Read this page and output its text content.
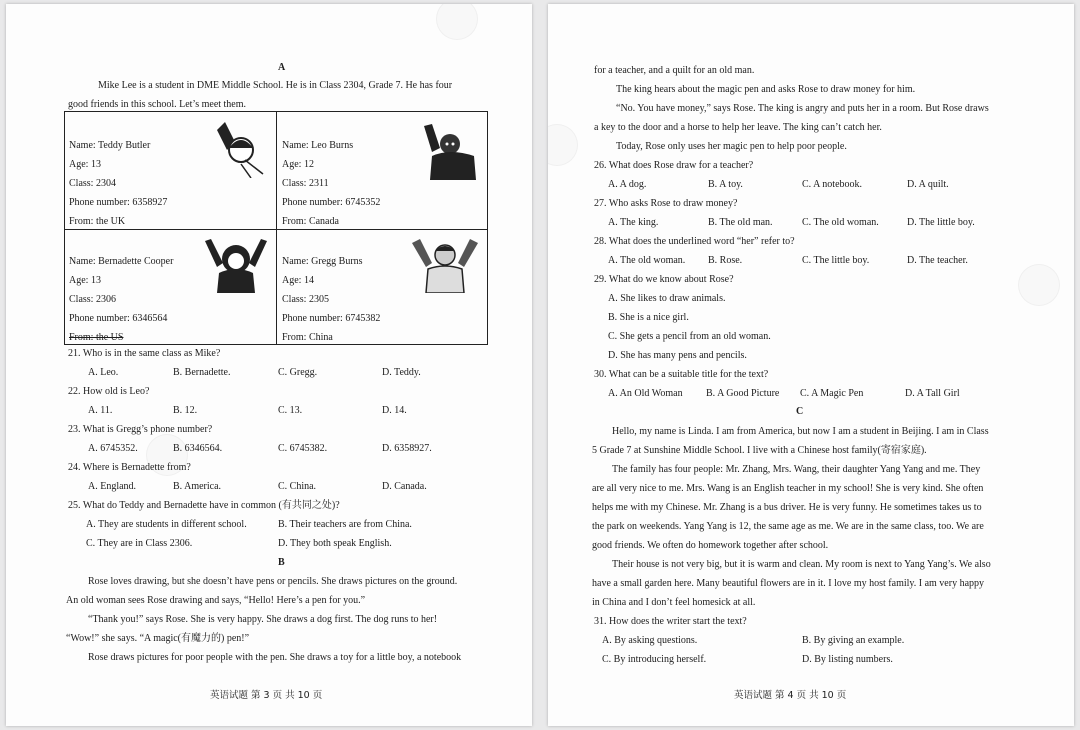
A
Mike Lee is a student in DME Middle School. He is in Class 2304, Grade 7. He has four
good friends in this school. Let’s meet them.
Name: Teddy Butler
Age: 13
Class: 2304
Phone number: 6358927
From: the UK
Name: Leo Burns
Age: 12
Class: 2311
Phone number: 6745352
From: Canada
Name: Bernadette Cooper
Age: 13
Class: 2306
Phone number: 6346564
From: the US
Name: Gregg Burns
Age: 14
Class: 2305
Phone number: 6745382
From: China
21. Who is in the same class as Mike?
A. Leo.	B. Bernadette.	C. Gregg.	D. Teddy.
22. How old is Leo?
A. 11.	B. 12.	C. 13.	D. 14.
23. What is Gregg’s phone number?
A. 6745352.	B. 6346564.	C. 6745382.	D. 6358927.
24. Where is Bernadette from?
A. England.	B. America.	C. China.	D. Canada.
25. What do Teddy and Bernadette have in common (有共同之处)?
A. They are students in different school.	B. Their teachers are from China.
C. They are in Class 2306.	D. They both speak English.
B
Rose loves drawing, but she doesn’t have pens or pencils. She draws pictures on the ground.
An old woman sees Rose drawing and says, “Hello! Here’s a pen for you.”
“Thank you!” says Rose. She is very happy. She draws a dog first. The dog runs to her!
“Wow!” she says. “A magic(有魔力的) pen!”
Rose draws pictures for poor people with the pen. She draws a toy for a little boy, a notebook
英语试题 第 3 页 共 10 页
for a teacher, and a quilt for an old man.
The king hears about the magic pen and asks Rose to draw money for him.
“No. You have money,” says Rose. The king is angry and puts her in a room. But Rose draws
a key to the door and a horse to help her leave. The king can’t catch her.
Today, Rose only uses her magic pen to help poor people.
26. What does Rose draw for a teacher?
A. A dog.	B. A toy.	C. A notebook.	D. A quilt.
27. Who asks Rose to draw money?
A. The king.	B. The old man.	C. The old woman.	D. The little boy.
28. What does the underlined word “her” refer to?
A. The old woman. B. Rose.	C. The little boy.	D. The teacher.
29. What do we know about Rose?
A. She likes to draw animals.
B. She is a nice girl.
C. She gets a pencil from an old woman.
D. She has many pens and pencils.
30. What can be a suitable title for the text?
A. An Old Woman B. A Good Picture C. A Magic Pen	D. A Tall Girl
C
Hello, my name is Linda. I am from America, but now I am a student in Beijing. I am in Class
5 Grade 7 at Sunshine Middle School. I live with a Chinese host family(寄宿家庭).
The family has four people: Mr. Zhang, Mrs. Wang, their daughter Yang Yang and me. They
are all very nice to me. Mrs. Wang is an English teacher in my school! She is very kind. She often
helps me with my Chinese. Mr. Zhang is a bus driver. He is very funny. He sometimes takes us to
the park on weekends. Yang Yang is 12, the same age as me. We are in the same class, too. We are
good friends. We often do homework together after school.
Their house is not very big, but it is warm and clean. My room is next to Yang Yang’s. We also
have a small garden here. Many beautiful flowers are in it. I love my host family. I am very happy
in China and I don’t feel homesick at all.
31. How does the writer start the text?
A. By asking questions.	B. By giving an example.
C. By introducing herself.	D. By listing numbers.
英语试题 第 4 页 共 10 页
